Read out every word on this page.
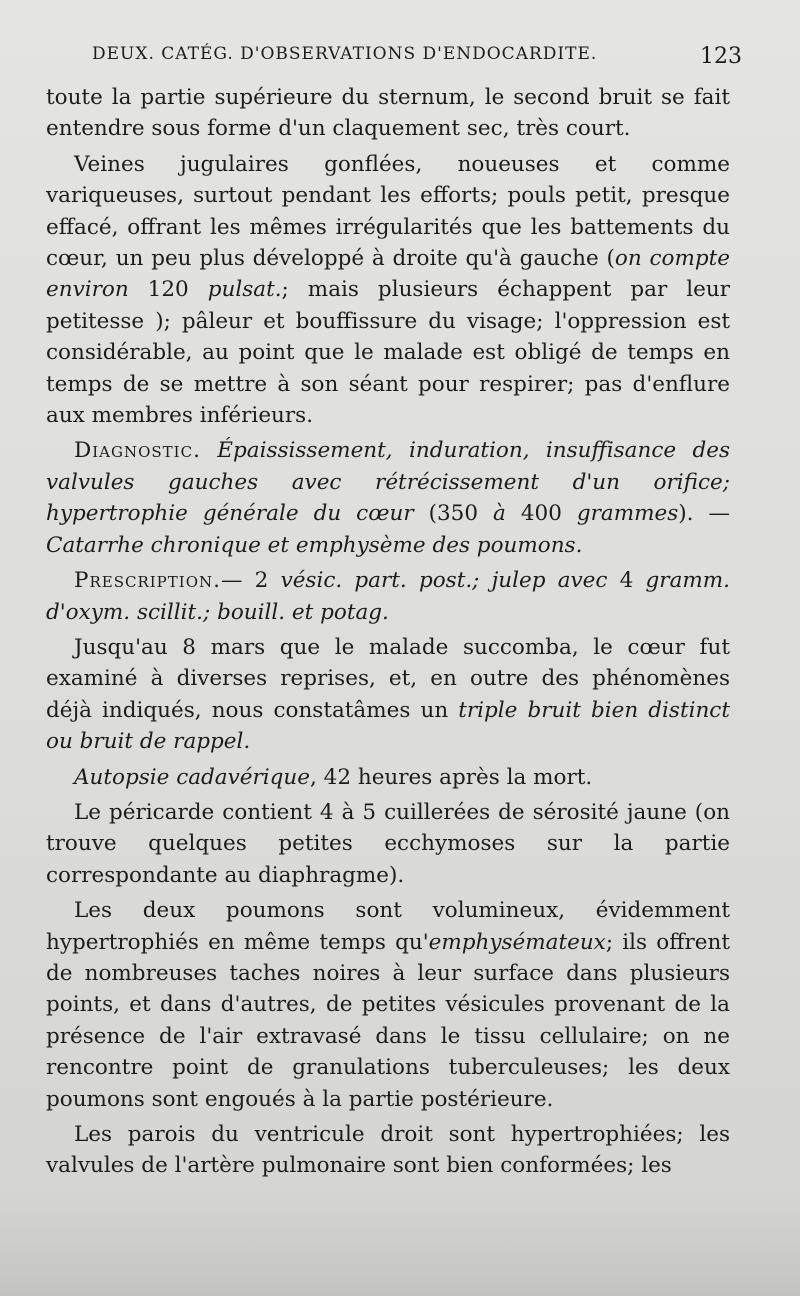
DEUX. CATÉG. D'OBSERVATIONS D'ENDOCARDITE.	123

toute la partie supérieure du sternum, le second bruit se fait entendre sous forme d'un claquement sec, très court.

Veines jugulaires gonflées, noueuses et comme variqueuses, surtout pendant les efforts; pouls petit, presque effacé, offrant les mêmes irrégularités que les battements du cœur, un peu plus développé à droite qu'à gauche (on compte environ 120 pulsat.; mais plusieurs échappent par leur petitesse ); pâleur et bouffissure du visage; l'oppression est considérable, au point que le malade est obligé de temps en temps de se mettre à son séant pour respirer; pas d'enflure aux membres inférieurs.

Diagnostic. Épaississement, induration, insuffisance des valvules gauches avec rétrécissement d'un orifice; hypertrophie générale du cœur (350 à 400 grammes). — Catarrhe chronique et emphysème des poumons.

Prescription.— 2 vésic. part. post.; julep avec 4 gramm. d'oxym. scillit.; bouill. et potag.

Jusqu'au 8 mars que le malade succomba, le cœur fut examiné à diverses reprises, et, en outre des phénomènes déjà indiqués, nous constatâmes un triple bruit bien distinct ou bruit de rappel.

Autopsie cadavérique, 42 heures après la mort.

Le péricarde contient 4 à 5 cuillerées de sérosité jaune (on trouve quelques petites ecchymoses sur la partie correspondante au diaphragme).

Les deux poumons sont volumineux, évidemment hypertrophiés en même temps qu'emphysémateux; ils offrent de nombreuses taches noires à leur surface dans plusieurs points, et dans d'autres, de petites vésicules provenant de la présence de l'air extravasé dans le tissu cellulaire; on ne rencontre point de granulations tuberculeuses; les deux poumons sont engoués à la partie postérieure.

Les parois du ventricule droit sont hypertrophiées; les valvules de l'artère pulmonaire sont bien conformées; les
